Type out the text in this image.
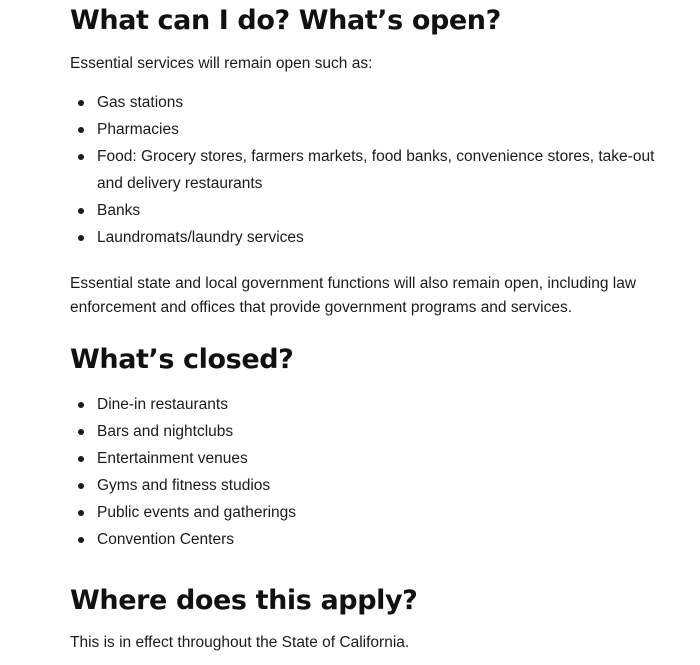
What can I do? What’s open?

Essential services will remain open such as:

Gas stations
Pharmacies
Food: Grocery stores, farmers markets, food banks, convenience stores, take-out and delivery restaurants
Banks
Laundromats/laundry services

Essential state and local government functions will also remain open, including law enforcement and offices that provide government programs and services.

What’s closed?
Dine-in restaurants
Bars and nightclubs
Entertainment venues
Gyms and fitness studios
Public events and gatherings
Convention Centers
Where does this apply?

This is in effect throughout the State of California.
